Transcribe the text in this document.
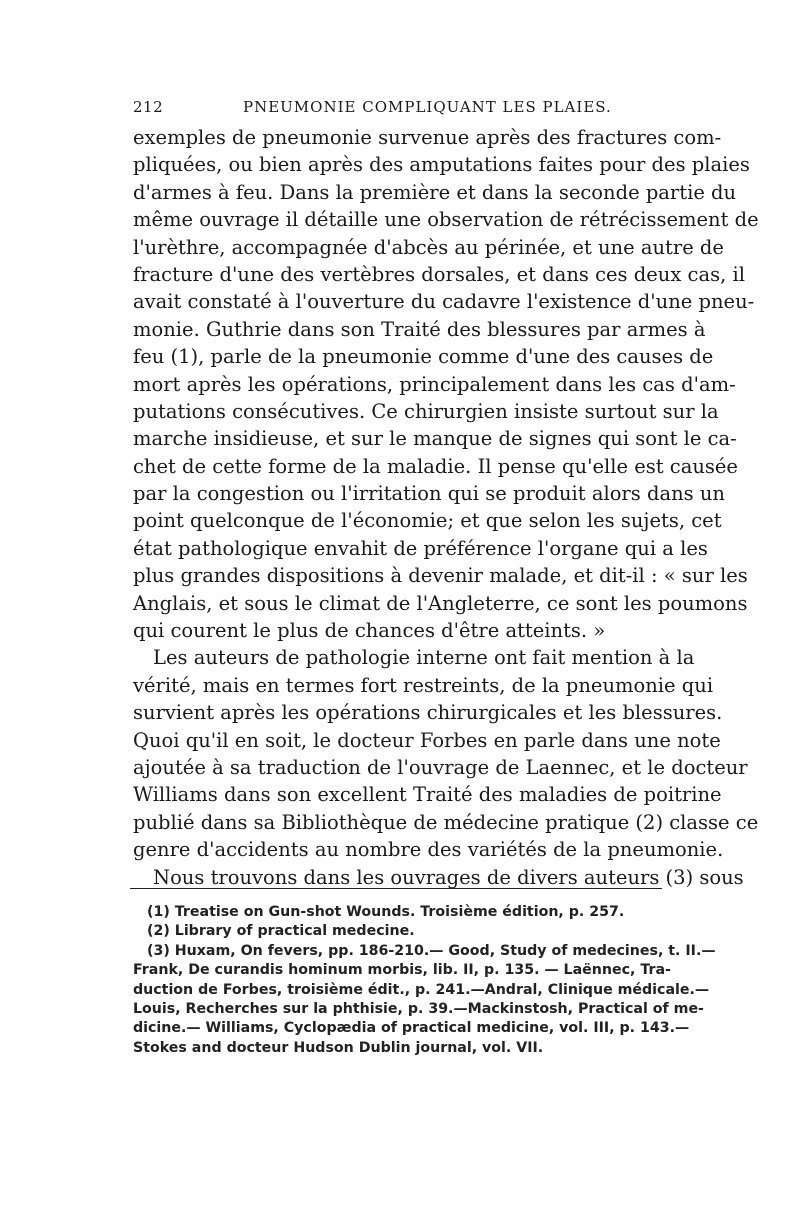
212	PNEUMONIE COMPLIQUANT LES PLAIES.
exemples de pneumonie survenue après des fractures com-
pliquées, ou bien après des amputations faites pour des plaies
d'armes à feu. Dans la première et dans la seconde partie du
même ouvrage il détaille une observation de rétrécissement de
l'urèthre, accompagnée d'abcès au périnée, et une autre de
fracture d'une des vertèbres dorsales, et dans ces deux cas, il
avait constaté à l'ouverture du cadavre l'existence d'une pneu-
monie. Guthrie dans son Traité des blessures par armes à
feu (1), parle de la pneumonie comme d'une des causes de
mort après les opérations, principalement dans les cas d'am-
putations consécutives. Ce chirurgien insiste surtout sur la
marche insidieuse, et sur le manque de signes qui sont le ca-
chet de cette forme de la maladie. Il pense qu'elle est causée
par la congestion ou l'irritation qui se produit alors dans un
point quelconque de l'économie; et que selon les sujets, cet
état pathologique envahit de préférence l'organe qui a les
plus grandes dispositions à devenir malade, et dit-il : « sur les
Anglais, et sous le climat de l'Angleterre, ce sont les poumons
qui courent le plus de chances d'être atteints. »
Les auteurs de pathologie interne ont fait mention à la
vérité, mais en termes fort restreints, de la pneumonie qui
survient après les opérations chirurgicales et les blessures.
Quoi qu'il en soit, le docteur Forbes en parle dans une note
ajoutée à sa traduction de l'ouvrage de Laennec, et le docteur
Williams dans son excellent Traité des maladies de poitrine
publié dans sa Bibliothèque de médecine pratique (2) classe ce
genre d'accidents au nombre des variétés de la pneumonie.
Nous trouvons dans les ouvrages de divers auteurs (3) sous
(1) Treatise on Gun-shot Wounds. Troisième édition, p. 257.
(2) Library of practical medecine.
(3) Huxam, On fevers, pp. 186-210.— Good, Study of medecines, t. II.—
Frank, De curandis hominum morbis, lib. II, p. 135. — Laënnec, Tra-
duction de Forbes, troisième édit., p. 241.—Andral, Clinique médicale.—
Louis, Recherches sur la phthisie, p. 39.—Mackinstosh, Practical of me-
dicine.— Williams, Cyclopædia of practical medicine, vol. III, p. 143.—
Stokes and docteur Hudson Dublin journal, vol. VII.
